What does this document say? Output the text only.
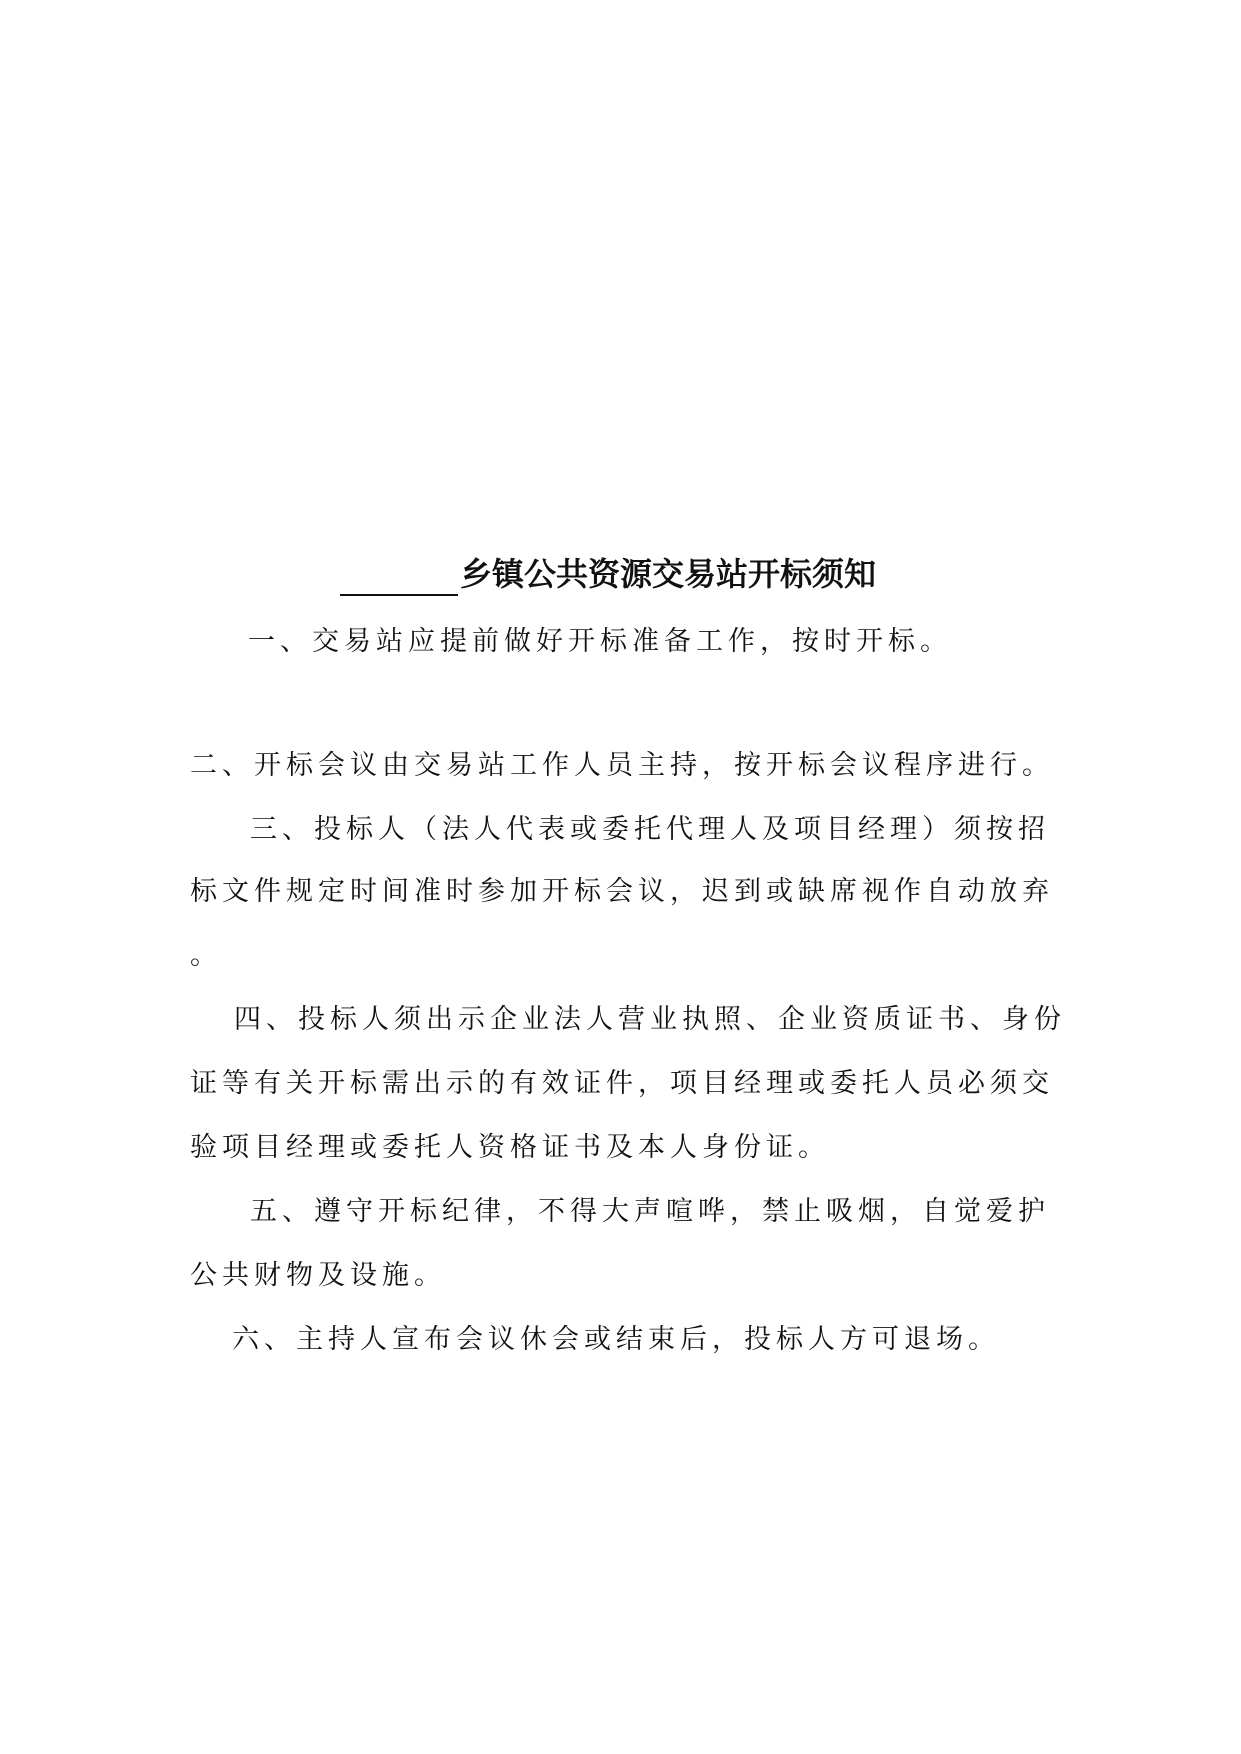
乡镇公共资源交易站开标须知
一、交易站应提前做好开标准备工作，按时开标。
二、开标会议由交易站工作人员主持，按开标会议程序进行。
三、投标人（法人代表或委托代理人及项目经理）须按招
标文件规定时间准时参加开标会议，迟到或缺席视作自动放弃
。
四、投标人须出示企业法人营业执照、企业资质证书、身份
证等有关开标需出示的有效证件，项目经理或委托人员必须交
验项目经理或委托人资格证书及本人身份证。
五、遵守开标纪律，不得大声喧哗，禁止吸烟，自觉爱护
公共财物及设施。
六、主持人宣布会议休会或结束后，投标人方可退场。
